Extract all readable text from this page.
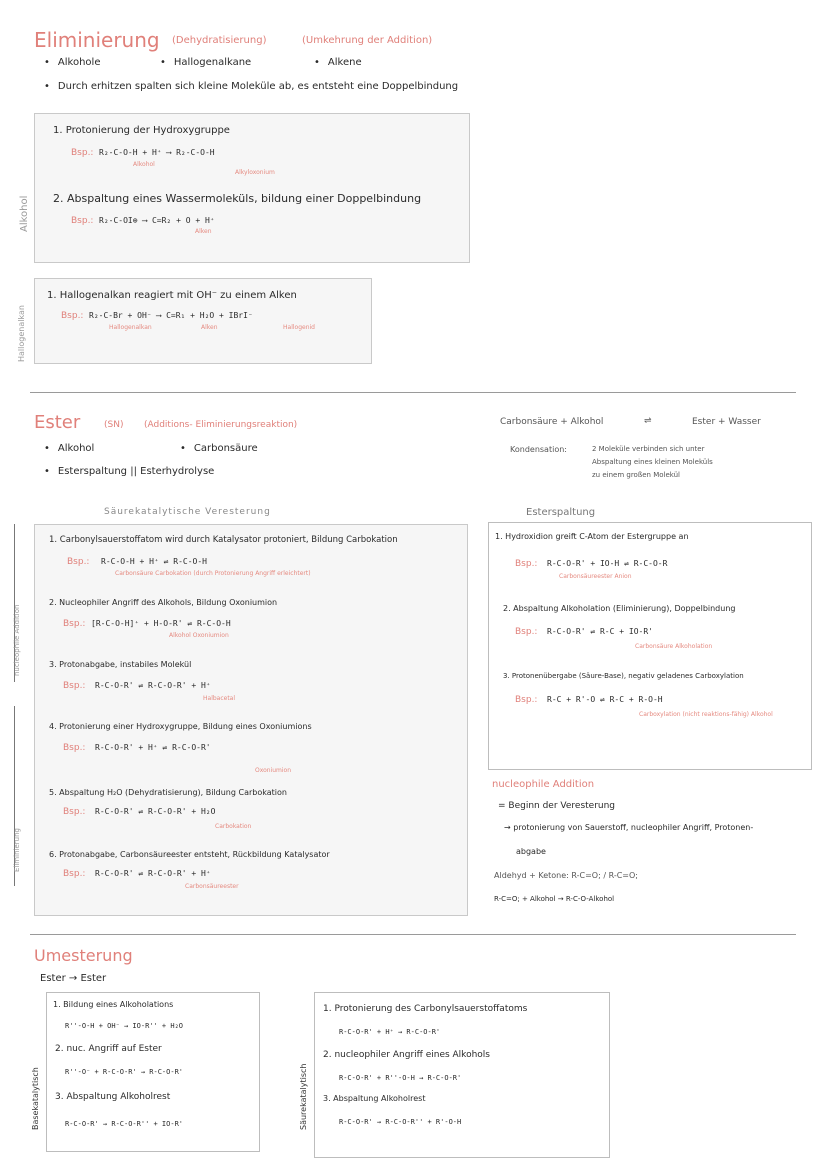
Eliminierung (Dehydratisierung)	(Umkehrung der Addition)
• Alkohole	• Hallogenalkane	• Alkene
• Durch erhitzen spalten sich kleine Moleküle ab, es entsteht eine Doppelbindung
1. Protonierung der Hydroxygruppe
Bsp.: R₂-C-O-H + H⁺ ⟶ R₂-C-O-H
Alkohol
Alkyloxonium
2. Abspaltung eines Wassermoleküls, bildung einer Doppelbindung
Bsp.: R₂-C-OI⊕ ⟶ C=R₂ + O + H⁺
Alken
Alkohol
1. Hallogenalkan reagiert mit OH⁻ zu einem Alken
Bsp.: R₂-C-Br + OH⁻ ⟶ C=R₁ + H₂O + IBrI⁻
Hallogenalkan	Alken	Hallogenid
Hallogenalkan
Ester	(SN) (Additions- Eliminierungsreaktion)
• Alkohol	• Carbonsäure
• Esterspaltung || Esterhydrolyse
Carbonsäure + Alkohol	⇌	Ester + Wasser
Kondensation:	2 Moleküle verbinden sich unter
Abspaltung eines kleinen Moleküls
zu einem großen Molekül
Säurekatalytische Veresterung	Esterspaltung
nucleophile Addition
Eliminierung
1. Carbonylsauerstoffatom wird durch Katalysator protoniert, Bildung Carbokation
Bsp.: R-C-O-H + H⁺ ⇌ R-C-O-H
Carbonsäure Carbokation (durch Protonierung Angriff erleichtert)
2. Nucleophiler Angriff des Alkohols, Bildung Oxoniumion
Bsp.: [R-C-O-H]⁺ + H-O-R' ⇌ R-C-O-H
Alkohol Oxoniumion
3. Protonabgabe, instabiles Molekül
Bsp.: R-C-O-R' ⇌ R-C-O-R' + H⁺
Halbacetal
4. Protonierung einer Hydroxygruppe, Bildung eines Oxoniumions
Bsp.: R-C-O-R' + H⁺ ⇌ R-C-O-R'
Oxoniumion
5. Abspaltung H₂O (Dehydratisierung), Bildung Carbokation
Bsp.: R-C-O-R' ⇌ R-C-O-R' + H₂O
Carbokation
6. Protonabgabe, Carbonsäureester entsteht, Rückbildung Katalysator
Bsp.: R-C-O-R' ⇌ R-C-O-R' + H⁺
Carbonsäureester
1. Hydroxidion greift C-Atom der Estergruppe an
Bsp.: R-C-O-R' + IO-H ⇌ R-C-O-R
Carbonsäureester Anion
2. Abspaltung Alkoholation (Eliminierung), Doppelbindung
Bsp.: R-C-O-R' ⇌ R-C + IO-R'
Carbonsäure Alkoholation
3. Protonenübergabe (Säure-Base), negativ geladenes Carboxylation
Bsp.: R-C + R'-O ⇌ R-C + R-O-H
Carboxylation (nicht reaktions-fähig) Alkohol
nucleophile Addition
= Beginn der Veresterung
→ protonierung von Sauerstoff, nucleophiler Angriff, Protonen-
abgabe
Aldehyd + Ketone: R-C=O; / R-C=O;
R-C=O; + Alkohol → R-C-O-Alkohol
Umesterung
Ester → Ester
1. Bildung eines Alkoholations
R''-O-H + OH⁻ → IO-R'' + H₂O
2. nuc. Angriff auf Ester
R''-O⁻ + R-C-O-R' → R-C-O-R'
3. Abspaltung Alkoholrest
R-C-O-R' → R-C-O-R'' + IO-R'
Basekatalytisch
1. Protonierung des Carbonylsauerstoffatoms
R-C-O-R' + H⁺ → R-C-O-R'
2. nucleophiler Angriff eines Alkohols
R-C-O-R' + R''-O-H → R-C-O-R'
3. Abspaltung Alkoholrest
R-C-O-R' → R-C-O-R'' + R'-O-H
Säurekatalytisch
